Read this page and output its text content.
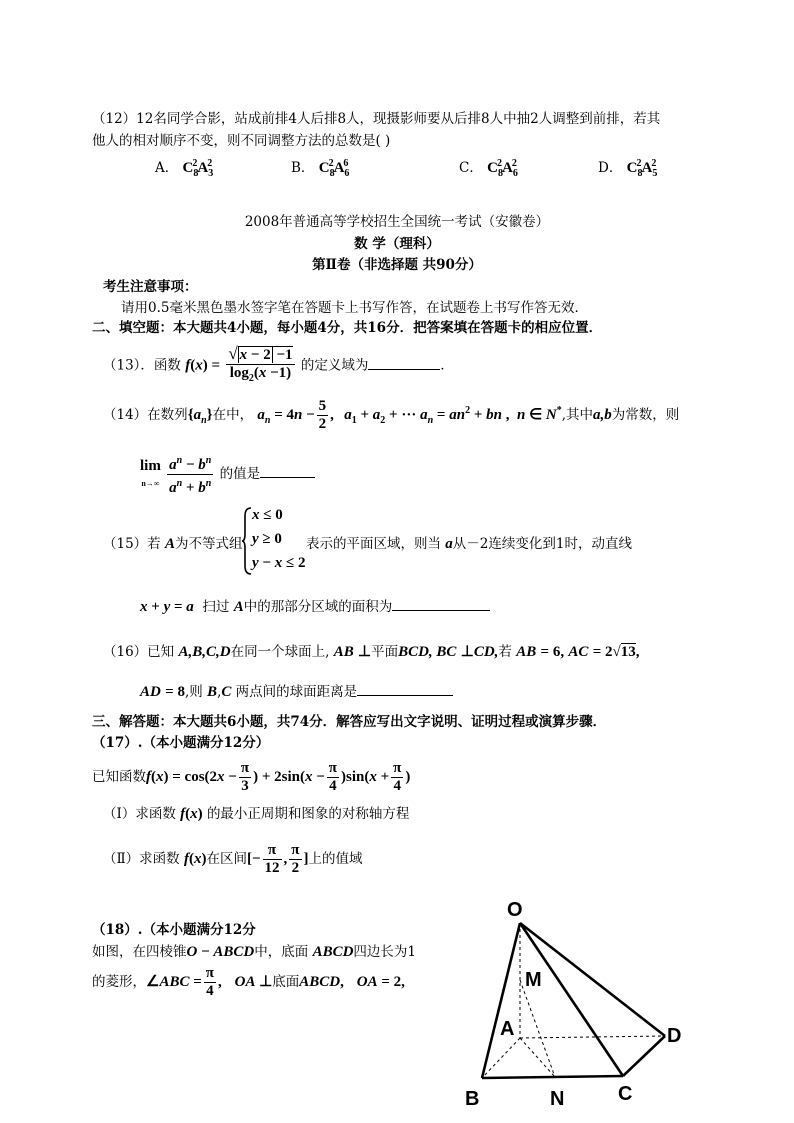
（12）12名同学合影，站成前排4人后排8人，现摄影师要从后排8人中抽2人调整到前排，若其
他人的相对顺序不变，则不同调整方法的总数是( )
A． $C_8^2A_3^2$	B． $C_8^2A_6^6$	C． $C_8^2A_6^2$	D． $C_8^2A_5^2$
2008年普通高等学校招生全国统一考试（安徽卷）
数 学（理科）
第Ⅱ卷（非选择题 共90分）
考生注意事项：
请用0.5毫米黑色墨水签字笔在答题卡上书写作答，在试题卷上书写作答无效．
二、填空题：本大题共4小题，每小题4分，共16分．把答案填在答题卡的相应位置．
（13）．函数 $f(x) = \frac{√ x - 2 -1}{\log_2(x -1)}$ 的定义域为	．
（14）在数列$\{a_n\}$在中， $a_n = 4n - \frac{5}{2}$ , $a_1 + a_2$ + ··· $a_n = an^2$ + bn ,  n ∈ N*,其中a,b为常数，则
lim
$n\to\infty \frac{a^n - b^n}{a^n + b^n}$ 的值是
x ≤ 0
y ≥ 0
y − x ≤ 2
（15）若 A为不等式组	表示的平面区域，则当 a从－2连续变化到1时，动直线
x + y = a 扫过 A中的那部分区域的面积为
（16）已知 A,B,C,D在同一个球面上, AB ⊥平面BCD, BC ⊥CD,若 AB = 6, AC = 2√13,
AD = 8,则 B,C 两点间的球面距离是
三、解答题：本大题共6小题，共74分．解答应写出文字说明、证明过程或演算步骤．
（17）.（本小题满分12分）
已知函数$f(x) = \cos(2x - \frac{\pi}{3}$ ) + $2\sin(x - \frac{\pi}{4} )\sin(x + \frac{\pi}{4}$ )
（Ⅰ）求函数 f(x) 的最小正周期和图象的对称轴方程
（Ⅱ）求函数 f(x)在区间[− $\frac{\pi}{12}$ , $\frac{\pi}{2}$ ]上的值域
（18）.（本小题满分12分
如图，在四棱锥O − ABCD中，底面 ABCD四边长为1
的菱形，∠ABC = $\frac{\pi}{4}$ , OA ⊥底面ABCD, OA = 2,
O
M
A
B	N	C
D
